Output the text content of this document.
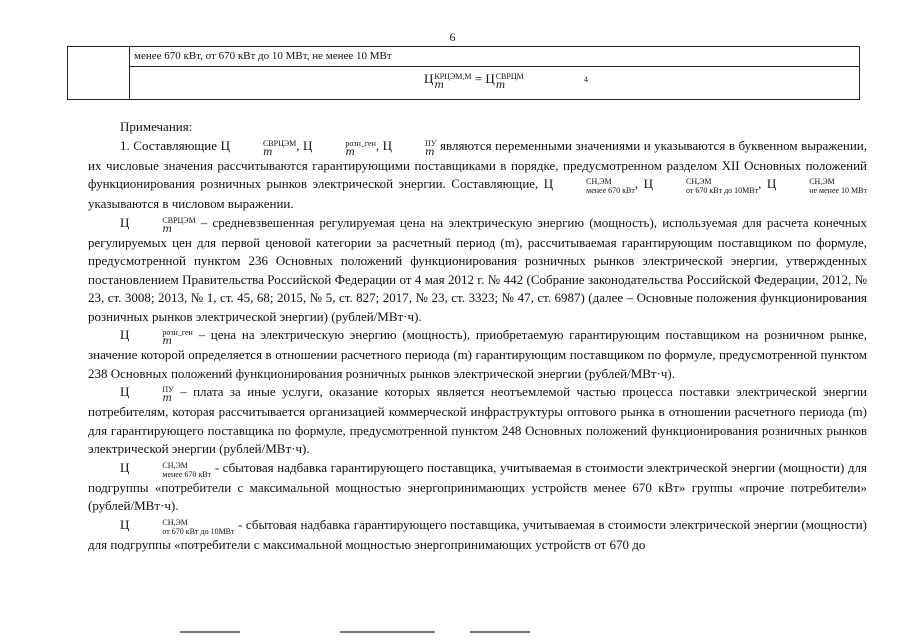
6
менее 670 кВт, от 670 кВт до 10 МВт, не менее 10 МВт
Ц КРЦЭМ,М
m	= Ц СВРЦМ
m
4

Примечания:

1. Составляющие Ц	СВРЦЭМ
m	, Ц	розн_ген
m	, Ц	ПУ
m являются переменными значениями и указываются в буквенном выражении, их числовые значения рассчитываются гарантирующими поставщиками в порядке, предусмотренном разделом XII Основных положений функционирования розничных рынков электрической энергии. Составляющие, Ц	СН,ЭМ
менее 670 кВт , Ц	СН,ЭМ
от 670 кВт до 10МВт , Ц	СН,ЭМ
не менее 10 МВт
указываются в числовом выражении.

Ц	СВРЦЭМ
m	– средневзвешенная регулируемая цена на электрическую энергию (мощность), используемая для расчета конечных регулируемых цен для первой ценовой категории за расчетный период (m), рассчитываемая гарантирующим поставщиком по формуле, предусмотренной пунктом 236 Основных положений функционирования розничных рынков электрической энергии, утвержденных постановлением Правительства Российской Федерации от 4 мая 2012 г. № 442 (Собрание законодательства Российской Федерации, 2012, № 23, ст. 3008; 2013, № 1, ст. 45, 68; 2015, № 5, ст. 827; 2017, № 23, ст. 3323; № 47, ст. 6987) (далее – Основные положения функционирования розничных рынков электрической энергии) (рублей/МВт·ч).

Ц	розн_ген
m	– цена на электрическую энергию (мощность), приобретаемую гарантирующим поставщиком на розничном рынке, значение которой определяется в отношении расчетного периода (m) гарантирующим поставщиком по формуле, предусмотренной пунктом 238 Основных положений функционирования розничных рынков электрической энергии (рублей/МВт·ч).

Ц	ПУ
m – плата за иные услуги, оказание которых является неотъемлемой частью процесса поставки электрической энергии потребителям, которая рассчитывается организацией коммерческой инфраструктуры оптового рынка в отношении расчетного периода (m) для гарантирующего поставщика по формуле, предусмотренной пунктом 248 Основных положений функционирования розничных рынков электрической энергии (рублей/МВт·ч).

Ц	СН,ЭМ
менее 670 кВт - сбытовая надбавка гарантирующего поставщика, учитываемая в стоимости электрической энергии (мощности) для подгруппы «потребители с максимальной мощностью энергопринимающих устройств менее 670 кВт» группы «прочие потребители» (рублей/МВт·ч).

Ц	СН,ЭМ
от 670 кВт до 10МВт - сбытовая надбавка гарантирующего поставщика, учитываемая в стоимости электрической энергии (мощности) для подгруппы «потребители с максимальной мощностью энергопринимающих устройств от 670 до
